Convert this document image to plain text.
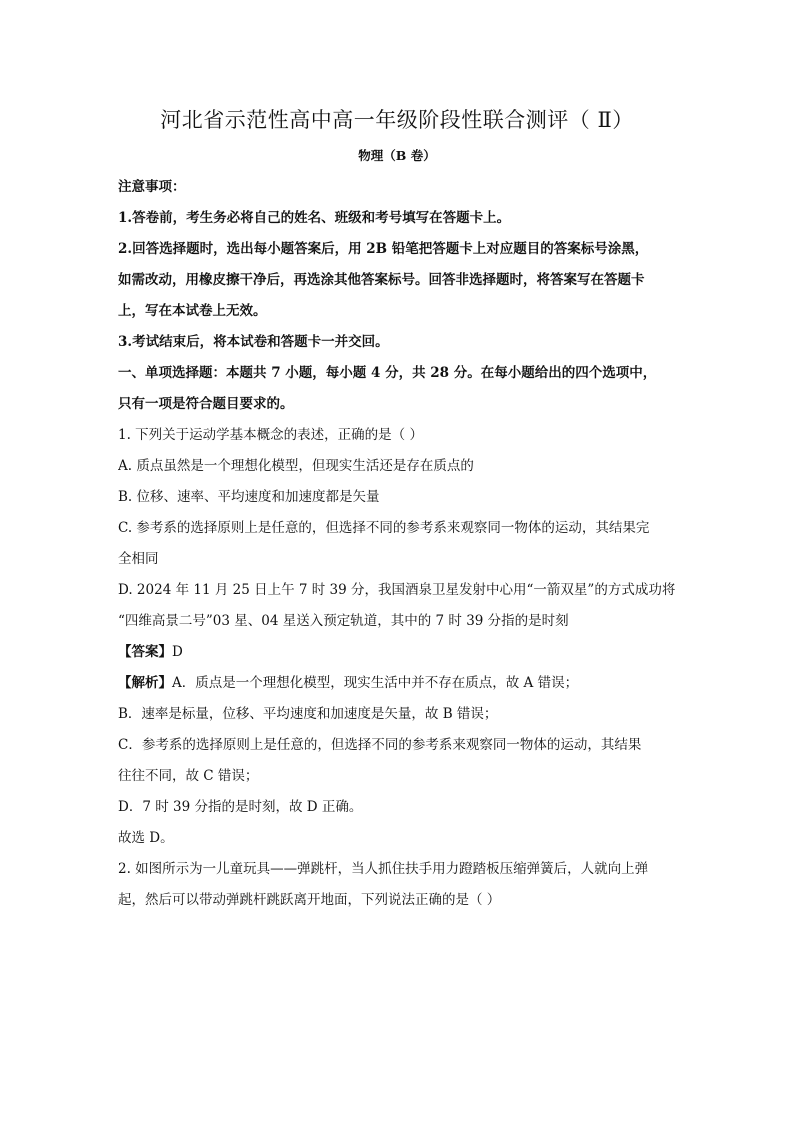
河北省示范性高中高一年级阶段性联合测评（ Ⅱ）
物理（B 卷）
注意事项：
1.答卷前，考生务必将自己的姓名、班级和考号填写在答题卡上。
2.回答选择题时，选出每小题答案后，用 2B 铅笔把答题卡上对应题目的答案标号涂黑，
如需改动，用橡皮擦干净后，再选涂其他答案标号。回答非选择题时，将答案写在答题卡
上，写在本试卷上无效。
3.考试结束后，将本试卷和答题卡一并交回。
一、单项选择题：本题共 7 小题，每小题 4 分，共 28 分。在每小题给出的四个选项中，
只有一项是符合题目要求的。
1. 下列关于运动学基本概念的表述，正确的是（ ）
A. 质点虽然是一个理想化模型，但现实生活还是存在质点的
B. 位移、速率、平均速度和加速度都是矢量
C. 参考系的选择原则上是任意的，但选择不同的参考系来观察同一物体的运动，其结果完
全相同
D. 2024 年 11 月 25 日上午 7 时 39 分，我国酒泉卫星发射中心用“一箭双星”的方式成功将
“四维高景二号”03 星、04 星送入预定轨道，其中的 7 时 39 分指的是时刻
【答案】D
【解析】A．质点是一个理想化模型，现实生活中并不存在质点，故 A 错误；
B．速率是标量，位移、平均速度和加速度是矢量，故 B 错误；
C．参考系的选择原则上是任意的，但选择不同的参考系来观察同一物体的运动，其结果
往往不同，故 C 错误；
D．7 时 39 分指的是时刻，故 D 正确。
故选 D。
2. 如图所示为一儿童玩具——弹跳杆，当人抓住扶手用力蹬踏板压缩弹簧后，人就向上弹
起，然后可以带动弹跳杆跳跃离开地面，下列说法正确的是（ ）
